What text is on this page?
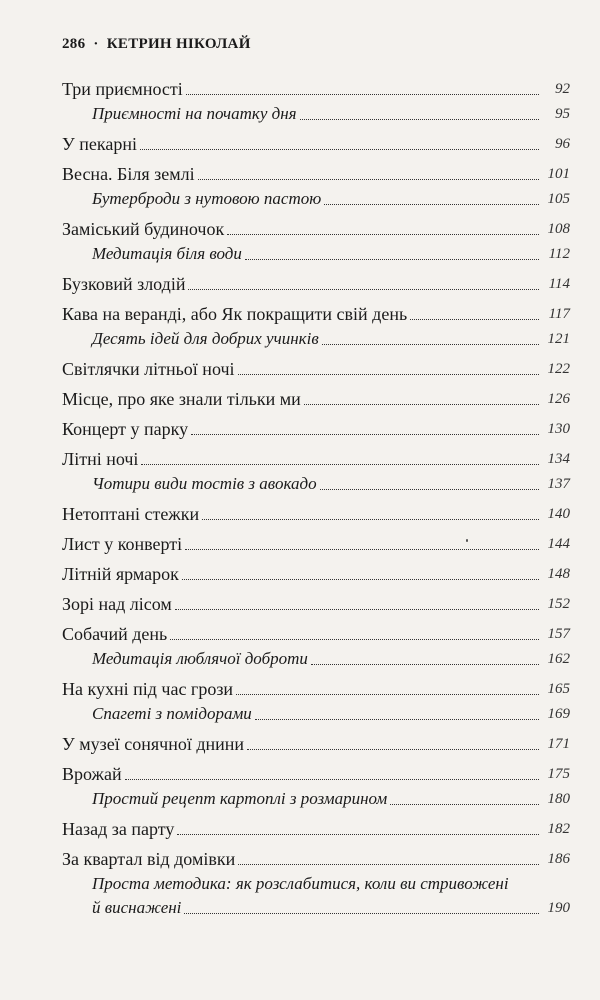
286 · КЕТРИН НІКОЛАЙ
Три приємності	92
Приємності на початку дня	95
У пекарні	96
Весна. Біля землі	101
Бутерброди з нутовою пастою	105
Заміський будиночок	108
Медитація біля води	112
Бузковий злодій	114
Кава на веранді, або Як покращити свій день	117
Десять ідей для добрих учинків	121
Світлячки літньої ночі	122
Місце, про яке знали тільки ми	126
Концерт у парку	130
Літні ночі	134
Чотири види тостів з авокадо	137
Нетоптані стежки	140
Лист у конверті	144
Літній ярмарок	148
Зорі над лісом	152
Собачий день	157
Медитація люблячої доброти	162
На кухні під час грози	165
Спагеті з помідорами	169
У музеї сонячної днини	171
Врожай	175
Простий рецепт картоплі з розмарином	180
Назад за парту	182
За квартал від домівки	186
Проста методика: як розслабитися, коли ви стривожені
й виснажені	190
